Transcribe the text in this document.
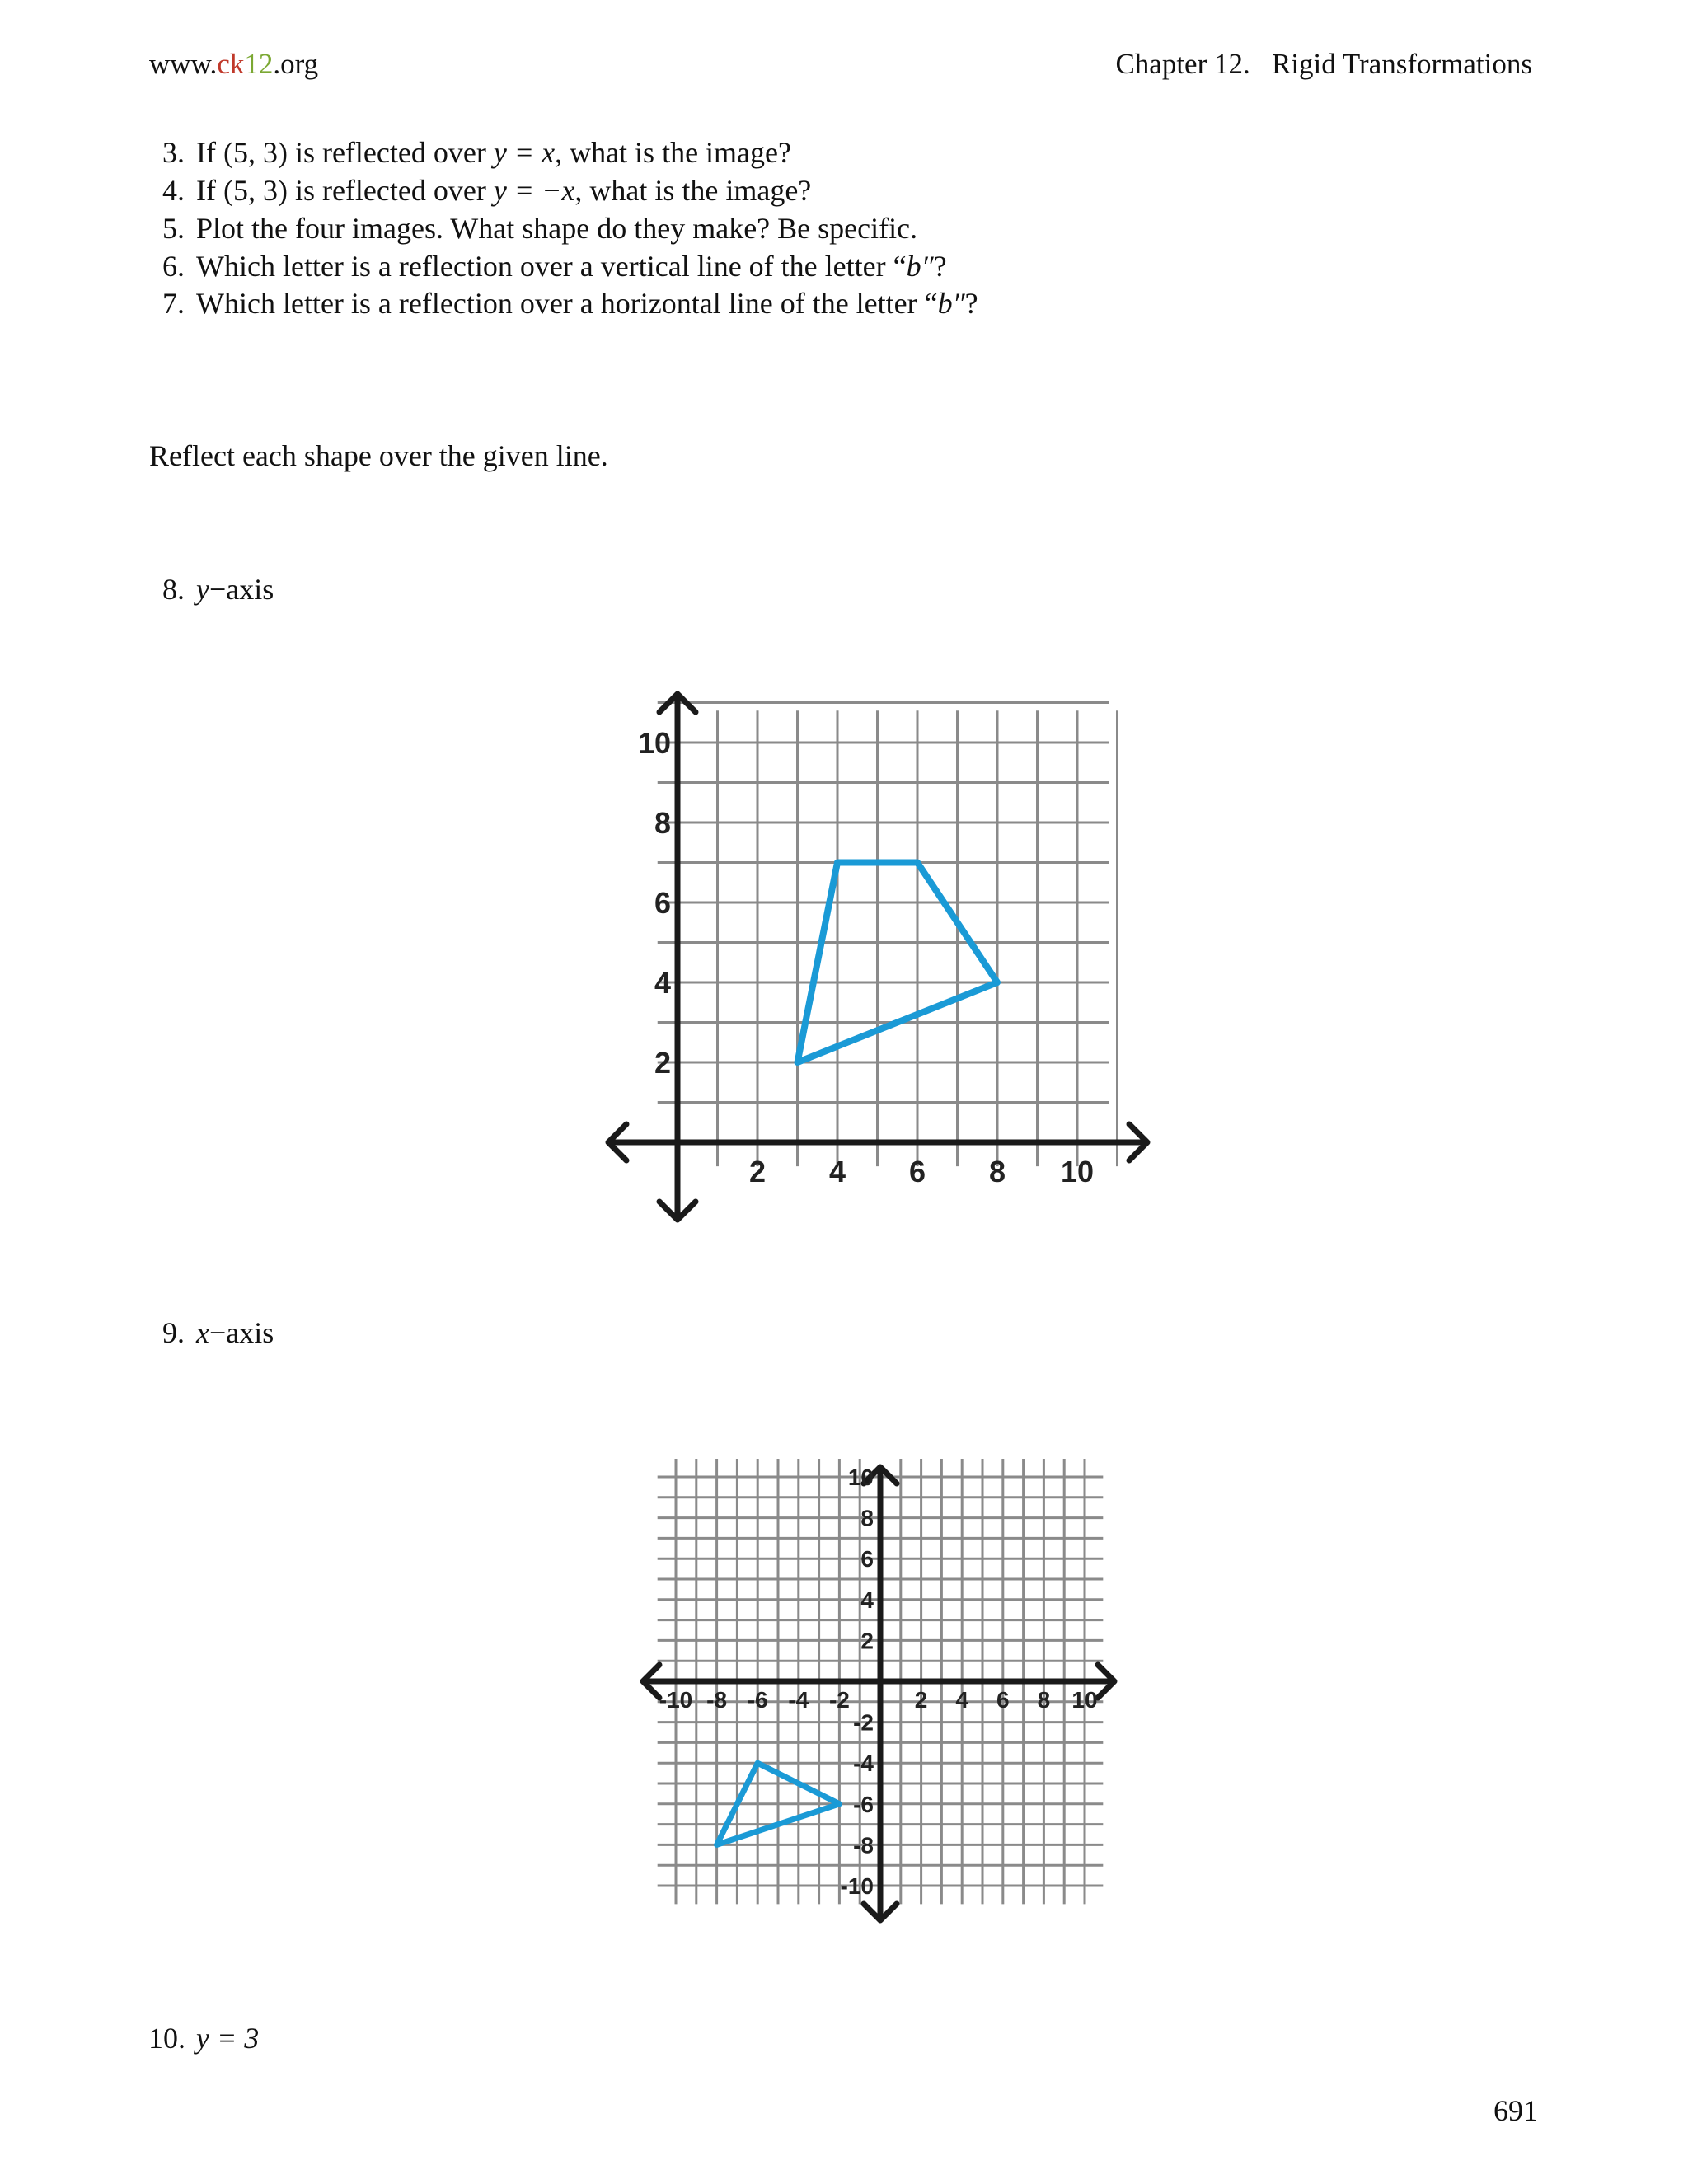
www.ck12.org	Chapter 12. Rigid Transformations
3. If (5, 3) is reflected over y = x, what is the image?
4. If (5, 3) is reflected over y = −x, what is the image?
5. Plot the four images. What shape do they make? Be specific.
6. Which letter is a reflection over a vertical line of the letter “b″?
7. Which letter is a reflection over a horizontal line of the letter “b″?
Reflect each shape over the given line.
8. y−axis
2 4 6 8 10
2
4
6
8
10
9. x−axis
-10 -8 -6 -4 -2	2 4 6 8 10
10
8
6
4
2
-2
-4
-6
-8
-10
10. y = 3
691
